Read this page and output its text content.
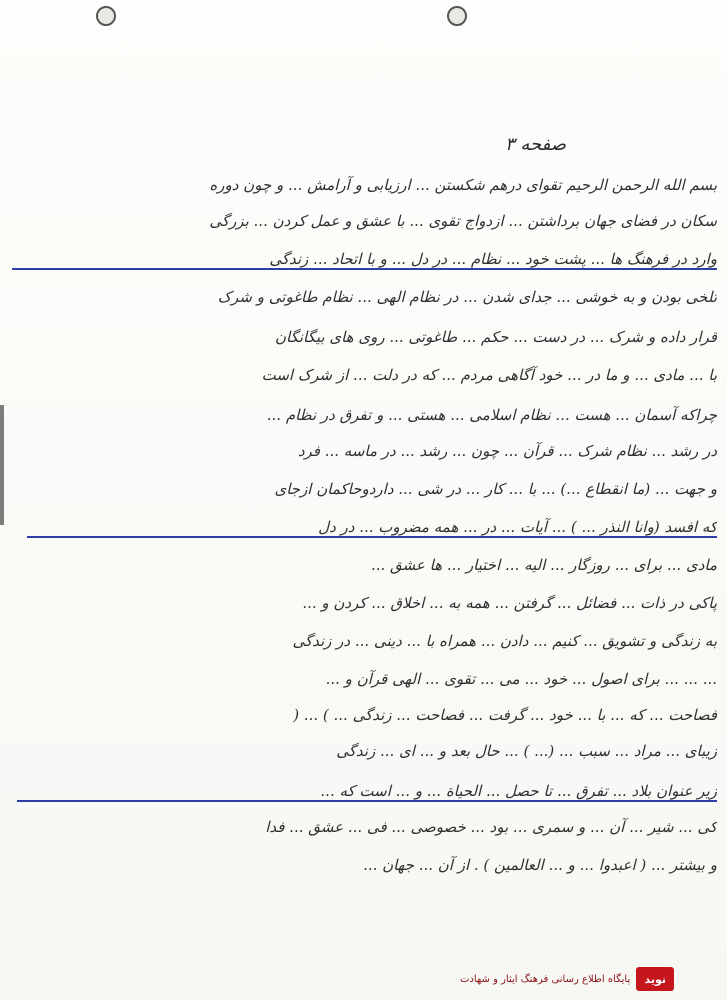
صفحه ۳
بسم الله الرحمن الرحیم تقوای درهم شکستن ... ارزیابی و آرامش ... و چون دوره
سکان در فضای جهان برداشتن ... ازدواج تقوی ... با عشق و عمل کردن ... بزرگی
وارد در فرهنگ ها ... پشت خود ... نظام ... در دل ... و با اتحاد ... زندگی
تلخی بودن و به خوشی ... جدای شدن ... در نظام الهی ... نظام طاغوتی و شرک
قرار داده و شرک ... در دست ... حکم ... طاغوتی ... روی های بیگانگان
با ... مادی ... و ما در ... خود آگاهی مردم ... که در دلت ... از شرک است
چراکه آسمان ... هست ... نظام اسلامی ... هستی ... و تفرق در نظام ...
در رشد ... نظام شرک ... قرآن ... چون ... رشد ... در ماسه ... فرد
و جهت ... (ما انقطاع ...) ... با ... کار ... در شی ... داردوحاکمان ازجای
که افسد (وانا النذر ... ) ... آیات ... در ... همه مضروب ... در دل
مادی ... برای ... روزگار ... الیه ... اختیار ... ها عشق ...
پاکی در ذات ... فضائل ... گرفتن ... همه به ... اخلاق ... کردن و ...
به زندگی و تشویق ... کنیم ... دادن ... همراه با ... دینی ... در زندگی
... ... ... برای اصول ... خود ... می ... تقوی ... الهی قرآن و ...
فصاحت ... که ... با ... خود ... گرفت ... فصاحت ... زندگی ... ) ... (
زیبای ... مراد ... سبب ... (... ) ... حال بعد و ... ای ... زندگی
زیر عنوان بلاد ... تفرق ... تا حصل ... الحیاة ... و ... است که ...
کی ... شیر ... آن ... و سمری ... بود ... خصوصی ... فی ... عشق ... فدا
و بیشتر ... ( اعبدوا ... و ... العالمین ) . از آن ... جهان ...
نوید
پایگاه اطلاع رسانی فرهنگ ایثار و شهادت
